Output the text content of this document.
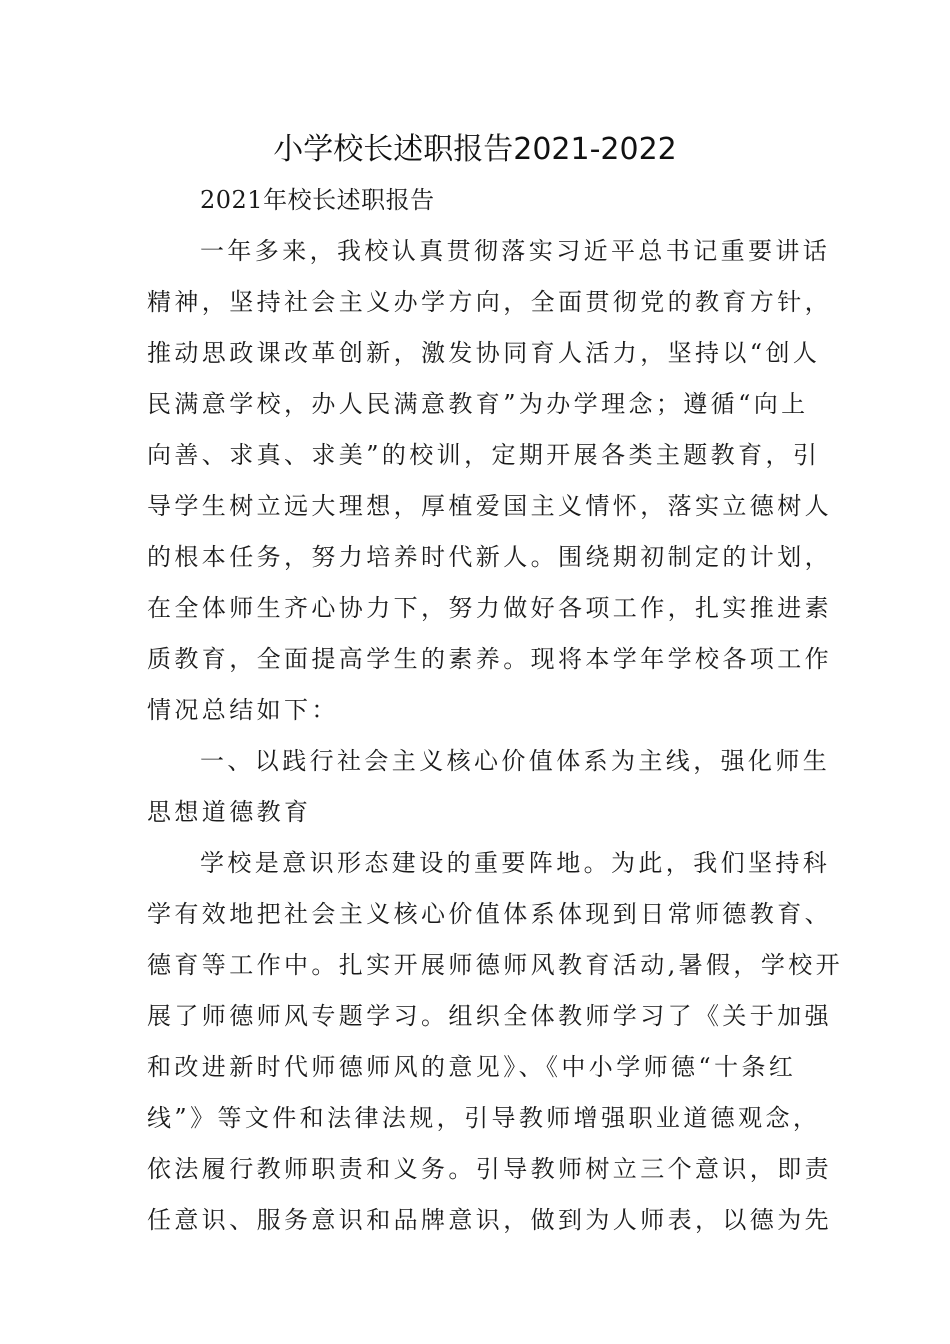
小学校长述职报告2021-2022
2021年校长述职报告
一年多来，我校认真贯彻落实习近平总书记重要讲话
精神，坚持社会主义办学方向，全面贯彻党的教育方针，
推动思政课改革创新，激发协同育人活力，坚持以“创人
民满意学校，办人民满意教育”为办学理念；遵循“向上
向善、求真、求美”的校训，定期开展各类主题教育，引
导学生树立远大理想，厚植爱国主义情怀，落实立德树人
的根本任务，努力培养时代新人。围绕期初制定的计划，
在全体师生齐心协力下，努力做好各项工作，扎实推进素
质教育，全面提高学生的素养。现将本学年学校各项工作
情况总结如下：
一、以践行社会主义核心价值体系为主线，强化师生
思想道德教育
学校是意识形态建设的重要阵地。为此，我们坚持科
学有效地把社会主义核心价值体系体现到日常师德教育、
德育等工作中。扎实开展师德师风教育活动,暑假，学校开
展了师德师风专题学习。组织全体教师学习了《关于加强
和改进新时代师德师风的意见》、《中小学师德“十条红
线”》等文件和法律法规，引导教师增强职业道德观念，
依法履行教师职责和义务。引导教师树立三个意识，即责
任意识、服务意识和品牌意识，做到为人师表，以德为先
